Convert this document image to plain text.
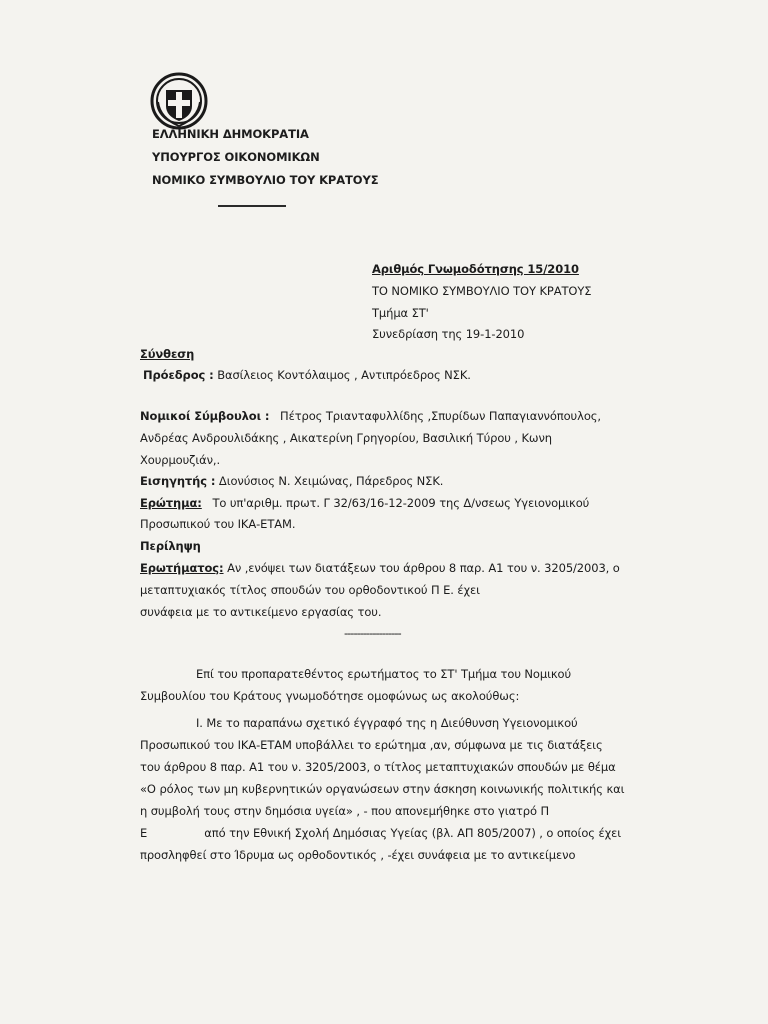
ΕΛΛΗΝΙΚΗ ΔΗΜΟΚΡΑΤΙΑ
ΥΠΟΥΡΓΟΣ ΟΙΚΟΝΟΜΙΚΩΝ
ΝΟΜΙΚΟ ΣΥΜΒΟΥΛΙΟ ΤΟΥ ΚΡΑΤΟΥΣ
Αριθμός Γνωμοδότησης 15/2010
ΤΟ ΝΟΜΙΚΟ ΣΥΜΒΟΥΛΙΟ ΤΟΥ ΚΡΑΤΟΥΣ
Τμήμα ΣΤ'
Συνεδρίαση της 19-1-2010
Σύνθεση
Πρόεδρος : Βασίλειος Κοντόλαιμος , Αντιπρόεδρος ΝΣΚ.
Νομικοί Σύμβουλοι : Πέτρος Τριανταφυλλίδης ,Σπυρίδων Παπαγιαννόπουλος,
Ανδρέας Ανδρουλιδάκης , Αικατερίνη Γρηγορίου, Βασιλική Τύρου , Κωνη
Χουρμουζιάν,.
Εισηγητής : Διονύσιος Ν. Χειμώνας, Πάρεδρος ΝΣΚ.
Ερώτημα: Το υπ'αριθμ. πρωτ. Γ 32/63/16-12-2009 της Δ/νσεως Υγειονομικού
Προσωπικού του ΙΚΑ-ΕΤΑΜ.
Περίληψη
Ερωτήματος: Αν ,ενόψει των διατάξεων του άρθρου 8 παρ. Α1 του ν. 3205/2003, ο
μεταπτυχιακός τίτλος σπουδών του ορθοδοντικού Π Ε. έχει
συνάφεια με το αντικείμενο εργασίας του.
------------------
Επί του προπαρατεθέντος ερωτήματος το ΣΤ' Τμήμα του Νομικού
Συμβουλίου του Κράτους γνωμοδότησε ομοφώνως ως ακολούθως:
Ι. Με το παραπάνω σχετικό έγγραφό της η Διεύθυνση Υγειονομικού
Προσωπικού του ΙΚΑ-ΕΤΑΜ υποβάλλει το ερώτημα ,αν, σύμφωνα με τις διατάξεις
του άρθρου 8 παρ. Α1 του ν. 3205/2003, ο τίτλος μεταπτυχιακών σπουδών με θέμα
«Ο ρόλος των μη κυβερνητικών οργανώσεων στην άσκηση κοινωνικής πολιτικής και
η συμβολή τους στην δημόσια υγεία» , - που απονεμήθηκε στο γιατρό Π
Ε	από την Εθνική Σχολή Δημόσιας Υγείας (βλ. ΑΠ 805/2007) , ο οποίος έχει
προσληφθεί στο Ίδρυμα ως ορθοδοντικός , -έχει συνάφεια με το αντικείμενο
